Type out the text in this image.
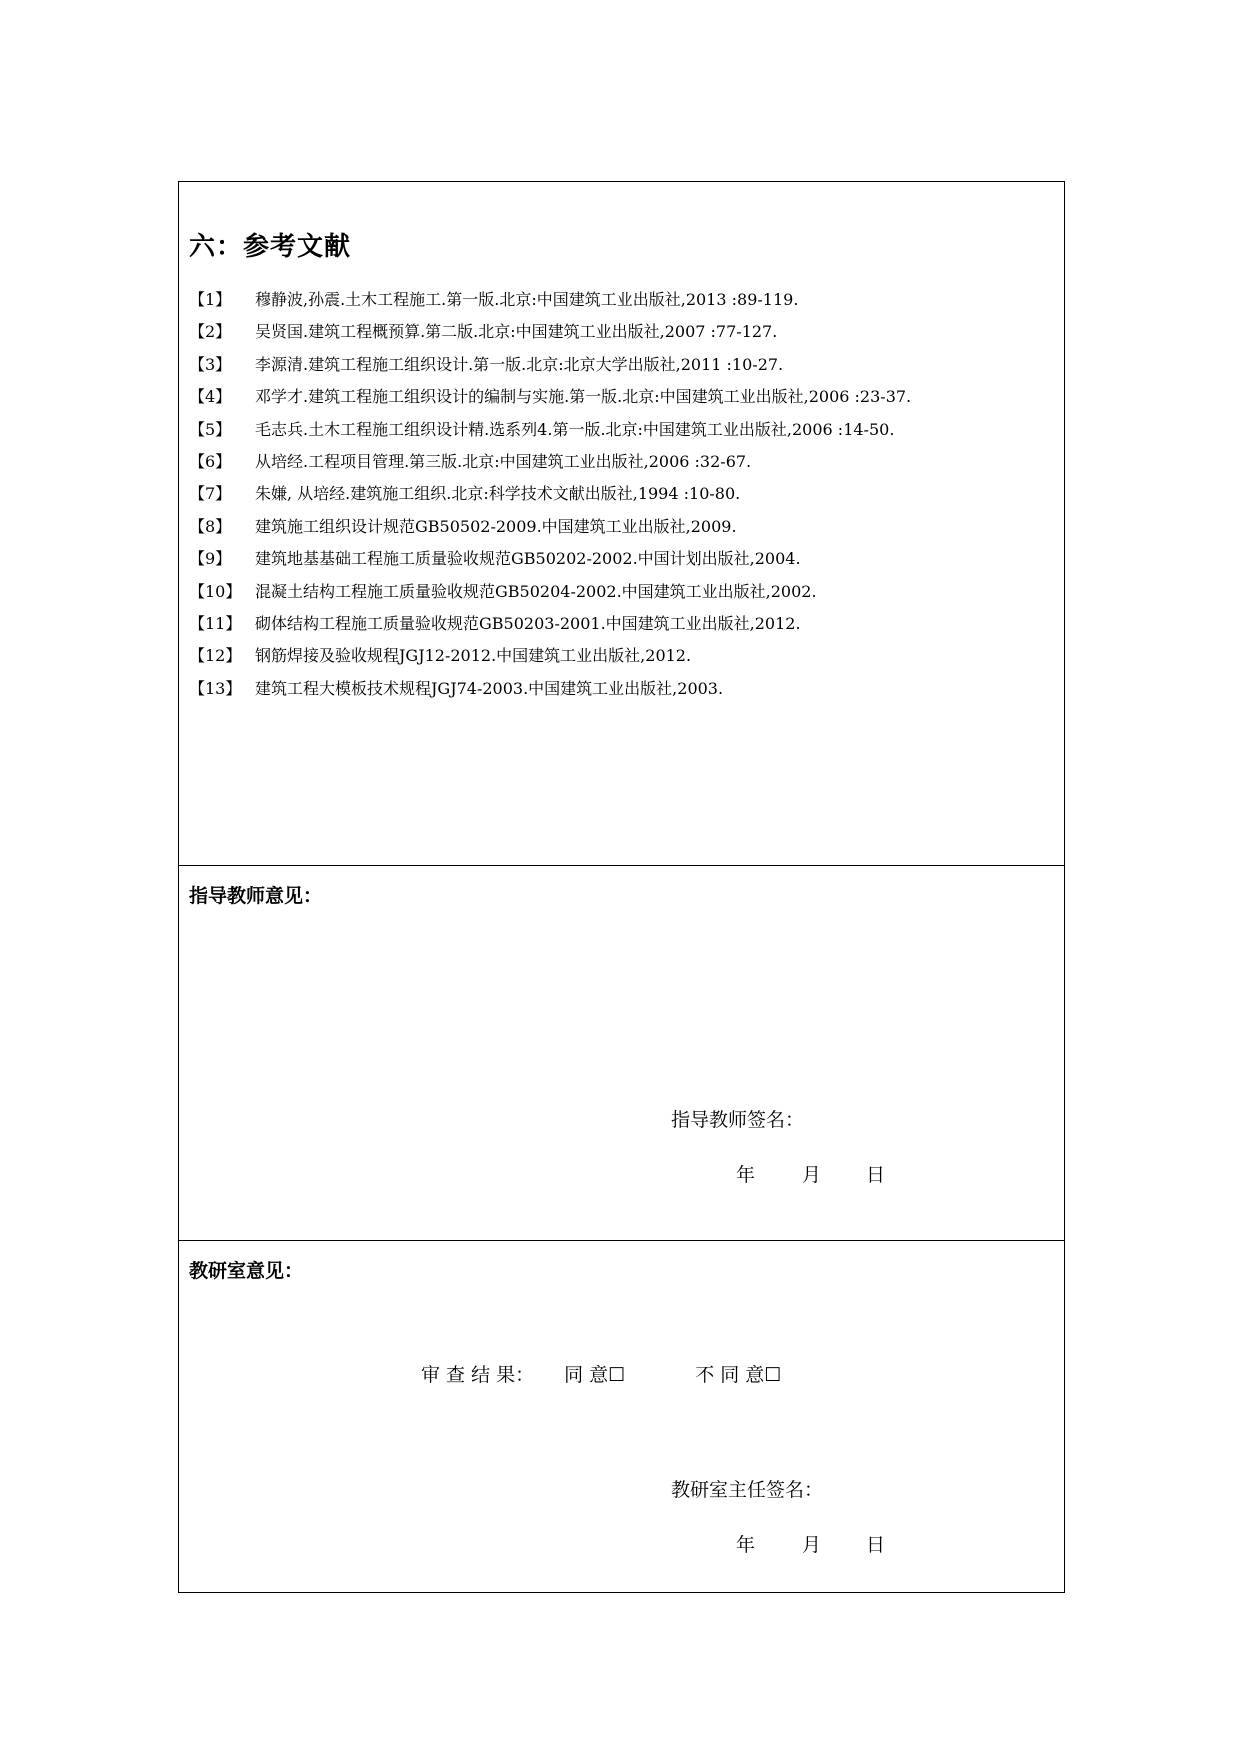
六：参考文献
【1】	穆静波,孙震.土木工程施工.第一版.北京:中国建筑工业出版社,2013 :89-119.
【2】	吴贤国.建筑工程概预算.第二版.北京:中国建筑工业出版社,2007 :77-127.
【3】	李源清.建筑工程施工组织设计.第一版.北京:北京大学出版社,2011 :10-27.
【4】	邓学才.建筑工程施工组织设计的编制与实施.第一版.北京:中国建筑工业出版社,2006 :23-37.
【5】	毛志兵.土木工程施工组织设计精.选系列4.第一版.北京:中国建筑工业出版社,2006 :14-50.
【6】	从培经.工程项目管理.第三版.北京:中国建筑工业出版社,2006 :32-67.
【7】	朱嫌, 从培经.建筑施工组织.北京:科学技术文献出版社,1994 :10-80.
【8】	建筑施工组织设计规范GB50502-2009.中国建筑工业出版社,2009.
【9】	建筑地基基础工程施工质量验收规范GB50202-2002.中国计划出版社,2004.
【10】 混凝土结构工程施工质量验收规范GB50204-2002.中国建筑工业出版社,2002.
【11】 砌体结构工程施工质量验收规范GB50203-2001.中国建筑工业出版社,2012.
【12】 钢筋焊接及验收规程JGJ12-2012.中国建筑工业出版社,2012.
【13】 建筑工程大模板技术规程JGJ74-2003.中国建筑工业出版社,2003.
指导教师意见：
指导教师签名：
年	月	日
教研室意见：
审 查 结 果： 同 意☐	不 同 意☐
教研室主任签名：
年	月	日
